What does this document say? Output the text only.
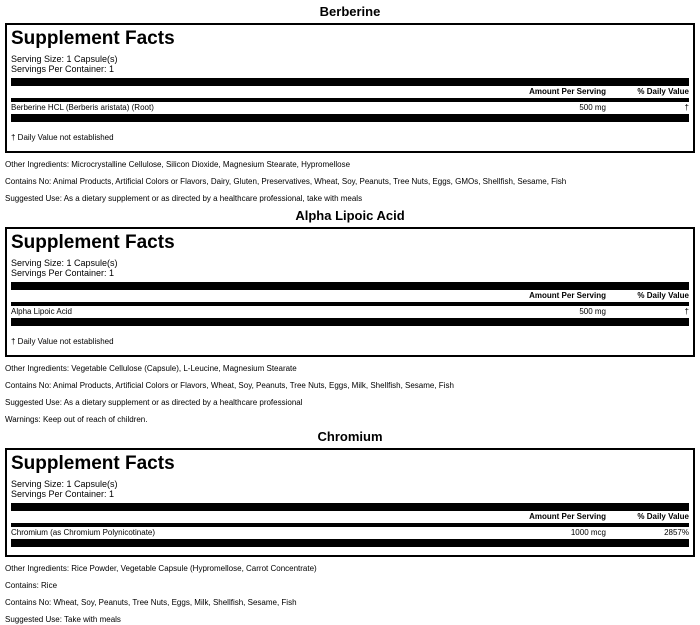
Berberine
Supplement Facts
Serving Size: 1 Capsule(s)
Servings Per Container: 1
Amount Per Serving	% Daily Value
Berberine HCL (Berberis aristata) (Root)	500 mg	†
† Daily Value not established

Other Ingredients: Microcrystalline Cellulose, Silicon Dioxide, Magnesium Stearate, Hypromellose

Contains No: Animal Products, Artificial Colors or Flavors, Dairy, Gluten, Preservatives, Wheat, Soy, Peanuts, Tree Nuts, Eggs, GMOs, Shellfish, Sesame, Fish

Suggested Use: As a dietary supplement or as directed by a healthcare professional, take with meals

Alpha Lipoic Acid
Supplement Facts
Serving Size: 1 Capsule(s)
Servings Per Container: 1
Amount Per Serving	% Daily Value
Alpha Lipoic Acid	500 mg	†
† Daily Value not established

Other Ingredients: Vegetable Cellulose (Capsule), L-Leucine, Magnesium Stearate

Contains No: Animal Products, Artificial Colors or Flavors, Wheat, Soy, Peanuts, Tree Nuts, Eggs, Milk, Shellfish, Sesame, Fish

Suggested Use: As a dietary supplement or as directed by a healthcare professional

Warnings: Keep out of reach of children.

Chromium
Supplement Facts
Serving Size: 1 Capsule(s)
Servings Per Container: 1
Amount Per Serving	% Daily Value
Chromium (as Chromium Polynicotinate)	1000 mcg	2857%

Other Ingredients: Rice Powder, Vegetable Capsule (Hypromellose, Carrot Concentrate)

Contains: Rice

Contains No: Wheat, Soy, Peanuts, Tree Nuts, Eggs, Milk, Shellfish, Sesame, Fish

Suggested Use: Take with meals
